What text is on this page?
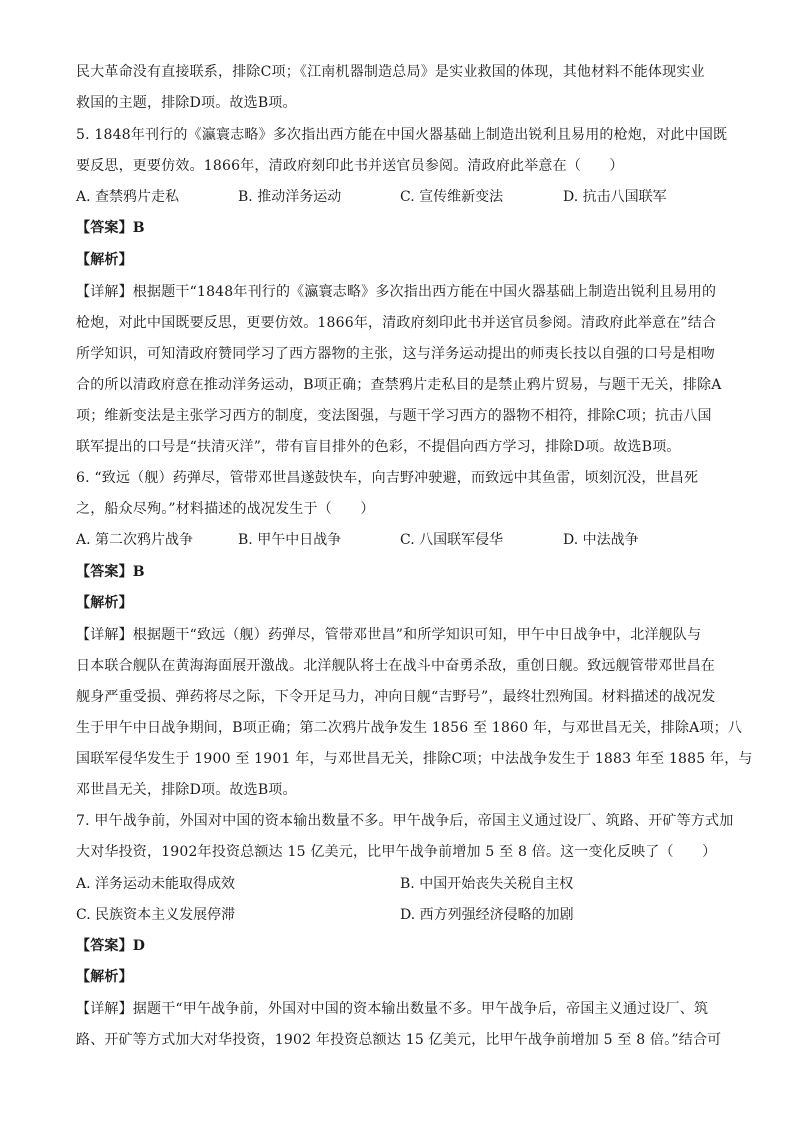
民大革命没有直接联系，排除C项；《江南机器制造总局》是实业救国的体现，其他材料不能体现实业
救国的主题，排除D项。故选B项。
5. 1848年刊行的《瀛寰志略》多次指出西方能在中国火器基础上制造出锐利且易用的枪炮，对此中国既
要反思，更要仿效。1866年，清政府刻印此书并送官员参阅。清政府此举意在（　　）
A. 查禁鸦片走私	B. 推动洋务运动	C. 宣传维新变法	D. 抗击八国联军
【答案】B
【解析】
【详解】根据题干“1848年刊行的《瀛寰志略》多次指出西方能在中国火器基础上制造出锐利且易用的
枪炮，对此中国既要反思，更要仿效。1866年，清政府刻印此书并送官员参阅。清政府此举意在”结合
所学知识，可知清政府赞同学习了西方器物的主张，这与洋务运动提出的师夷长技以自强的口号是相吻
合的所以清政府意在推动洋务运动，B项正确；查禁鸦片走私目的是禁止鸦片贸易，与题干无关，排除A
项；维新变法是主张学习西方的制度，变法图强，与题干学习西方的器物不相符，排除C项；抗击八国
联军提出的口号是“扶清灭洋”，带有盲目排外的色彩，不提倡向西方学习，排除D项。故选B项。
6. “致远（舰）药弹尽，管带邓世昌遂鼓快车，向吉野冲驶避，而致远中其鱼雷，顷刻沉没，世昌死
之，船众尽殉。”材料描述的战况发生于（　　）
A. 第二次鸦片战争	B. 甲午中日战争	C. 八国联军侵华	D. 中法战争
【答案】B
【解析】
【详解】根据题干“致远（舰）药弹尽，管带邓世昌”和所学知识可知，甲午中日战争中，北洋舰队与
日本联合舰队在黄海海面展开激战。北洋舰队将士在战斗中奋勇杀敌，重创日舰。致远舰管带邓世昌在
舰身严重受损、弹药将尽之际，下令开足马力，冲向日舰“吉野号”，最终壮烈殉国。材料描述的战况发
生于甲午中日战争期间，B项正确；第二次鸦片战争发生 1856 至 1860 年，与邓世昌无关，排除A项；八
国联军侵华发生于 1900 至 1901 年，与邓世昌无关，排除C项；中法战争发生于 1883 年至 1885 年，与
邓世昌无关，排除D项。故选B项。
7. 甲午战争前，外国对中国的资本输出数量不多。甲午战争后，帝国主义通过设厂、筑路、开矿等方式加
大对华投资，1902年投资总额达 15 亿美元，比甲午战争前增加 5 至 8 倍。这一变化反映了（　　）
A. 洋务运动未能取得成效	B. 中国开始丧失关税自主权
C. 民族资本主义发展停滞	D. 西方列强经济侵略的加剧
【答案】D
【解析】
【详解】据题干“甲午战争前，外国对中国的资本输出数量不多。甲午战争后，帝国主义通过设厂、筑
路、开矿等方式加大对华投资，1902 年投资总额达 15 亿美元，比甲午战争前增加 5 至 8 倍。”结合可
